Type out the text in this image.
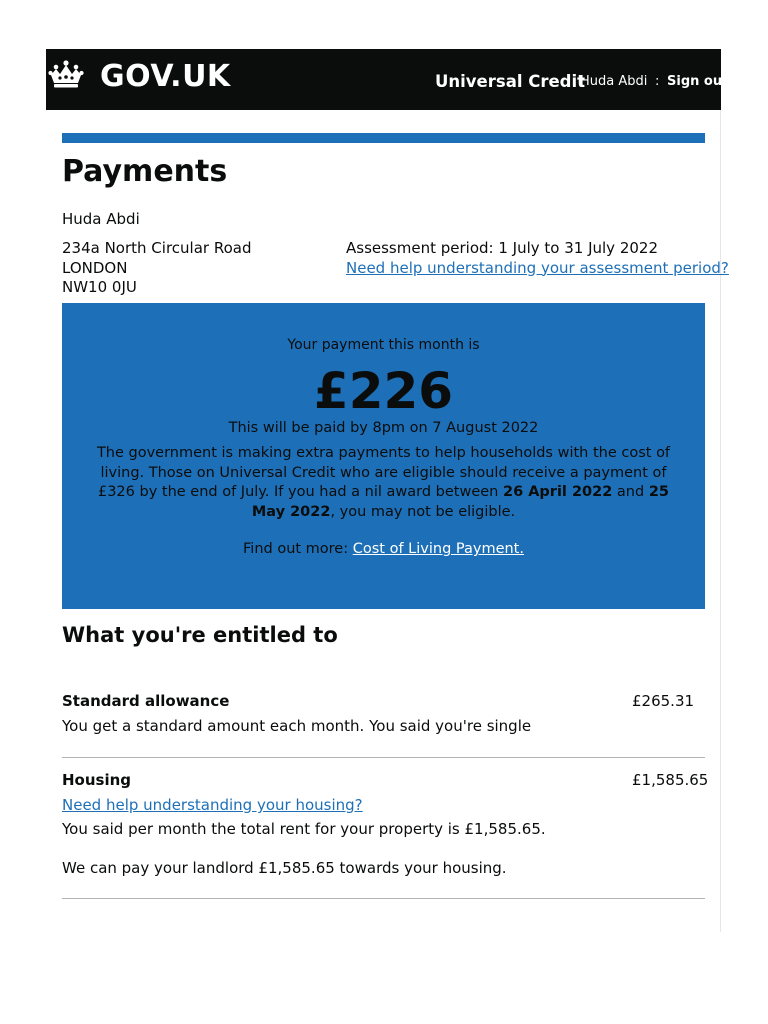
GOV.UK	Universal Credit
Huda Abdi : Sign out
Payments
Huda Abdi
234a North Circular Road
LONDON
NW10 0JU
Assessment period: 1 July to 31 July 2022
Need help understanding your assessment period?
Your payment this month is
£226
This will be paid by 8pm on 7 August 2022
The government is making extra payments to help households with the cost of living. Those on Universal Credit who are eligible should receive a payment of £326 by the end of July. If you had a nil award between 26 April 2022 and 25 May 2022, you may not be eligible.
Find out more: Cost of Living Payment.
What you're entitled to
Standard allowance	£265.31
You get a standard amount each month. You said you're single
Housing	£1,585.65
Need help understanding your housing?
You said per month the total rent for your property is £1,585.65.
We can pay your landlord £1,585.65 towards your housing.
